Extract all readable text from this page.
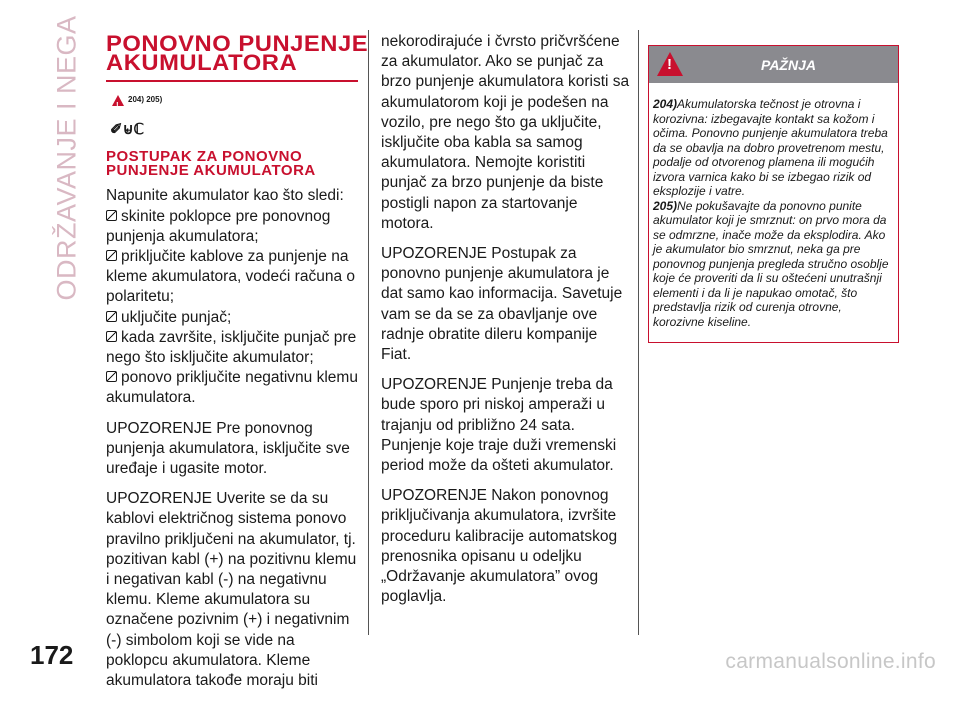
ODRŽAVANJE I NEGA
172
PONOVNO PUNJENJE AKUMULATORA
!
204) 205)
✐⊌ℂ
POSTUPAK ZA PONOVNO PUNJENJE AKUMULATORA
Napunite akumulator kao što sledi:
skinite poklopce pre ponovnog punjenja akumulatora;
priključite kablove za punjenje na kleme akumulatora, vodeći računa o polaritetu;
uključite punjač;
kada završite, isključite punjač pre nego što isključite akumulator;
ponovo priključite negativnu klemu akumulatora.

UPOZORENJE Pre ponovnog punjenja akumulatora, isključite sve uređaje i ugasite motor.

UPOZORENJE Uverite se da su kablovi električnog sistema ponovo pravilno priključeni na akumulator, tj. pozitivan kabl (+) na pozitivnu klemu i negativan kabl (-) na negativnu klemu. Kleme akumulatora su označene pozivnim (+) i negativnim (-) simbolom koji se vide na poklopcu akumulatora. Kleme akumulatora takođe moraju biti

nekorodirajuće i čvrsto pričvršćene za akumulator. Ako se punjač za brzo punjenje akumulatora koristi sa akumulatorom koji je podešen na vozilo, pre nego što ga uključite, isključite oba kabla sa samog akumulatora. Nemojte koristiti punjač za brzo punjenje da biste postigli napon za startovanje motora.

UPOZORENJE Postupak za ponovno punjenje akumulatora je dat samo kao informacija. Savetuje vam se da se za obavljanje ove radnje obratite dileru kompanije Fiat.

UPOZORENJE Punjenje treba da bude sporo pri niskoj amperaži u trajanju od približno 24 sata. Punjenje koje traje duži vremenski period može da ošteti akumulator.

UPOZORENJE Nakon ponovnog priključivanja akumulatora, izvršite proceduru kalibracije automatskog prenosnika opisanu u odeljku „Održavanje akumulatora” ovog poglavlja.

!
PAŽNJA
204)Akumulatorska tečnost je otrovna i korozivna: izbegavajte kontakt sa kožom i očima. Ponovno punjenje akumulatora treba da se obavlja na dobro provetrenom mestu, podalje od otvorenog plamena ili mogućih izvora varnica kako bi se izbegao rizik od eksplozije i vatre.
205)Ne pokušavajte da ponovno punite akumulator koji je smrznut: on prvo mora da se odmrzne, inače može da eksplodira. Ako je akumulator bio smrznut, neka ga pre ponovnog punjenja pregleda stručno osoblje koje će proveriti da li su oštećeni unutrašnji elementi i da li je napukao omotač, što predstavlja rizik od curenja otrovne, korozivne kiseline.
carmanualsonline.info
